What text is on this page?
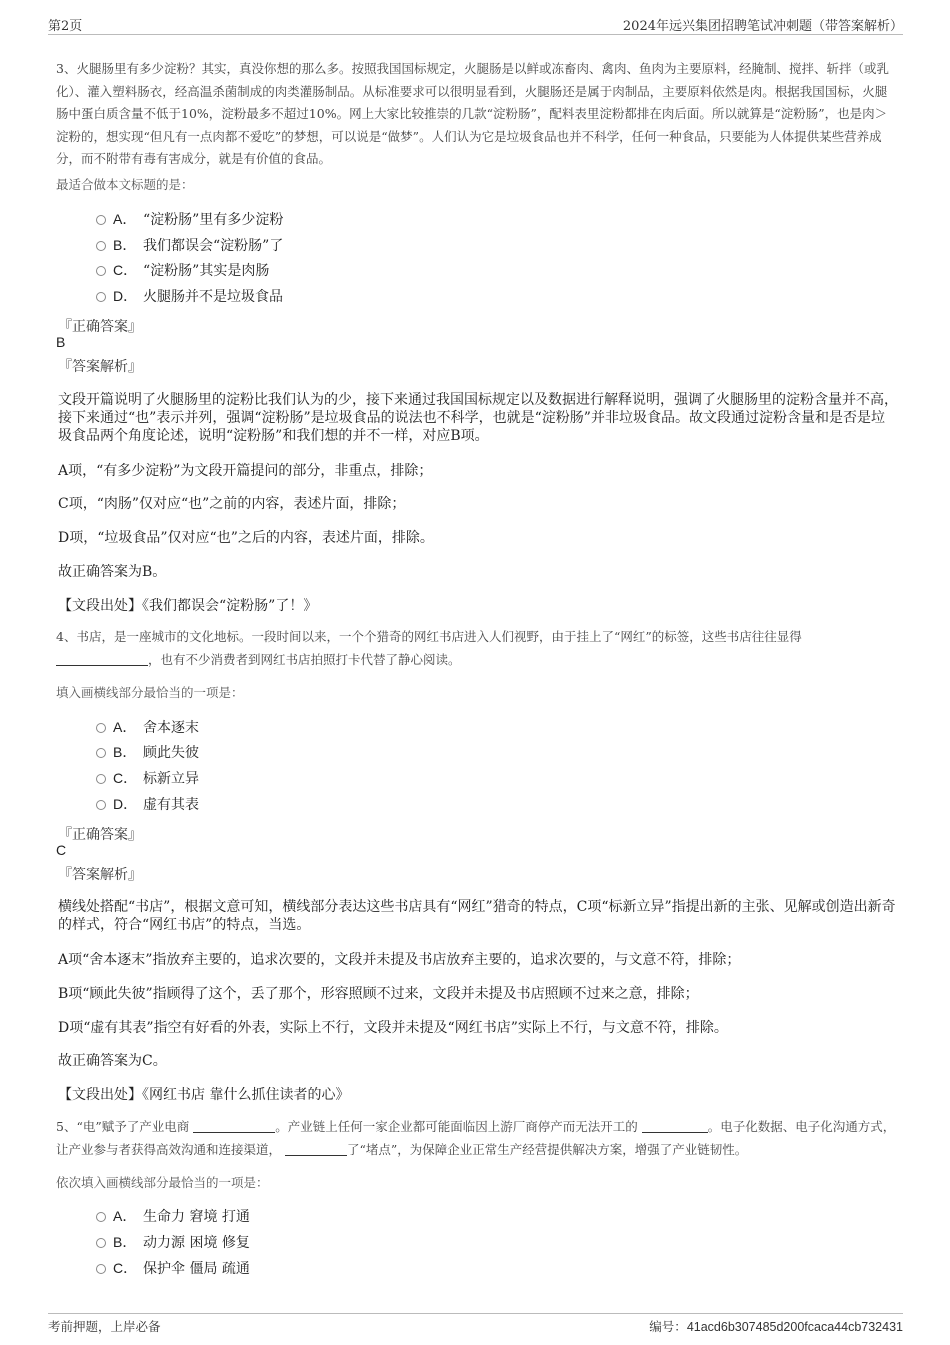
第2页	2024年远兴集团招聘笔试冲刺题（带答案解析）
3、火腿肠里有多少淀粉？其实，真没你想的那么多。按照我国国标规定，火腿肠是以鲜或冻畜肉、禽肉、鱼肉为主要原料，经腌制、搅拌、斩拌（或乳化）、灌入塑料肠衣，经高温杀菌制成的肉类灌肠制品。从标准要求可以很明显看到，火腿肠还是属于肉制品，主要原料依然是肉。根据我国国标，火腿肠中蛋白质含量不低于10%，淀粉最多不超过10%。网上大家比较推崇的几款“淀粉肠”，配料表里淀粉都排在肉后面。所以就算是“淀粉肠”，也是肉＞淀粉的，想实现“但凡有一点肉都不爱吃”的梦想，可以说是“做梦”。人们认为它是垃圾食品也并不科学，任何一种食品，只要能为人体提供某些营养成分，而不附带有毒有害成分，就是有价值的食品。
最适合做本文标题的是：
A． “淀粉肠”里有多少淀粉
B． 我们都误会“淀粉肠”了
C． “淀粉肠”其实是肉肠
D． 火腿肠并不是垃圾食品
『正确答案』
B
『答案解析』
文段开篇说明了火腿肠里的淀粉比我们认为的少，接下来通过我国国标规定以及数据进行解释说明，强调了火腿肠里的淀粉含量并不高，接下来通过“也”表示并列，强调“淀粉肠”是垃圾食品的说法也不科学，也就是“淀粉肠”并非垃圾食品。故文段通过淀粉含量和是否是垃圾食品两个角度论述，说明“淀粉肠”和我们想的并不一样，对应B项。
A项，“有多少淀粉”为文段开篇提问的部分，非重点，排除；
C项，“肉肠”仅对应“也”之前的内容，表述片面，排除；
D项，“垃圾食品”仅对应“也”之后的内容，表述片面，排除。
故正确答案为B。
【文段出处】《我们都误会“淀粉肠”了！》
4、书店，是一座城市的文化地标。一段时间以来，一个个猎奇的网红书店进入人们视野，由于挂上了“网红”的标签，这些书店往往显得
，也有不少消费者到网红书店拍照打卡代替了静心阅读。
填入画横线部分最恰当的一项是：
A． 舍本逐末
B． 顾此失彼
C． 标新立异
D． 虚有其表
『正确答案』
C
『答案解析』
横线处搭配“书店”，根据文意可知，横线部分表达这些书店具有“网红”猎奇的特点，C项“标新立异”指提出新的主张、见解或创造出新奇的样式，符合“网红书店”的特点，当选。
A项“舍本逐末”指放弃主要的，追求次要的，文段并未提及书店放弃主要的，追求次要的，与文意不符，排除；
B项“顾此失彼”指顾得了这个，丢了那个，形容照顾不过来，文段并未提及书店照顾不过来之意，排除；
D项“虚有其表”指空有好看的外表，实际上不行，文段并未提及“网红书店”实际上不行，与文意不符，排除。
故正确答案为C。
【文段出处】《网红书店 靠什么抓住读者的心》
5、“电”赋予了产业电商	。产业链上任何一家企业都可能面临因上游厂商停产而无法开工的	。电子化数据、电子化沟通方式，让产业参与者获得高效沟通和连接渠道，	了“堵点”，为保障企业正常生产经营提供解决方案，增强了产业链韧性。
依次填入画横线部分最恰当的一项是：
A． 生命力 窘境 打通
B． 动力源 困境 修复
C． 保护伞 僵局 疏通
考前押题，上岸必备	编号：41acd6b307485d200fcaca44cb732431
